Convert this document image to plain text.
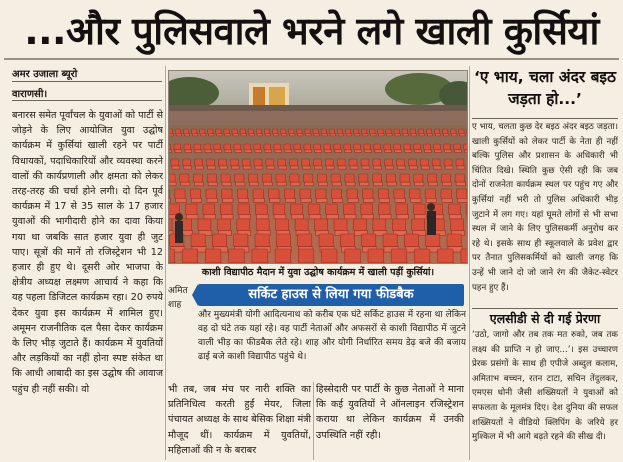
...और पुलिसवाले भरने लगे खाली कुर्सियां
अमर उजाला ब्यूरो
वाराणसी।
बनारस समेत पूर्वांचल के युवाओं को पार्टी से जोड़ने के लिए आयोजित युवा उद्घोष कार्यक्रम में कुर्सियां खाली रहने पर पार्टी विधायकों, पदाधिकारियों और व्यवस्था करने वालों की कार्यप्रणाली और क्षमता को लेकर तरह-तरह की चर्चा होने लगी। दो दिन पूर्व कार्यक्रम में 17 से 35 साल के 17 हजार युवाओं की भागीदारी होने का दावा किया गया था जबकि सात हजार युवा ही जुट पाए। सूत्रों की मानें तो रजिस्ट्रेशन भी 12 हजार ही हुए थे। दूसरी ओर भाजपा के क्षेत्रीय अध्यक्ष लक्ष्मण आचार्य ने कहा कि यह पहला डिजिटल कार्यक्रम रहा। 20 रुपये देकर युवा इस कार्यक्रम में शामिल हुए। अमूमन राजनीतिक दल पैसा देकर कार्यक्रम के लिए भीड़ जुटाते हैं। कार्यक्रम में युवतियों और लड़कियों का नहीं होना स्पष्ट संकेत था कि आधी आबादी का इस उद्घोष की आवाज पहुंच ही नहीं सकी। वो
काशी विद्यापीठ मैदान में युवा उद्घोष कार्यक्रम में खाली पड़ीं कुर्सियां।
अमित शाह
सर्किट हाउस से लिया गया फीडबैक
और मुख्यमंत्री योगी आदित्यनाथ को करीब एक घंटे सर्किट हाउस में रहना था लेकिन वह दो घंटे तक यहां रहे। वह पार्टी नेताओं और अफसरों से काशी विद्यापीठ में जुटने वाली भीड़ का फीडबैक लेते रहे। शाह और योगी निर्धारित समय डेढ़ बजे की बजाय ढाई बजे काशी विद्यापीठ पहुंचे थे।
भी तब, जब मंच पर नारी शक्ति का प्रतिनिधित्व करती हुईं मेयर, जिला पंचायत अध्यक्ष के साथ बेसिक शिक्षा मंत्री मौजूद थीं। कार्यक्रम में युवतियों, महिलाओं की न के बराबर
हिस्सेदारी पर पार्टी के कुछ नेताओं ने माना कि कई युवतियों ने ऑनलाइन रजिस्ट्रेशन कराया था लेकिन कार्यक्रम में उनकी उपस्थिति नहीं रही।
‘ए भाय, चला अंदर बइठ जड़ता हो...’
ए भाय, चलता कुछ देर बइठ अंदर बइठ जड़ता। खाली कुर्सियों को लेकर पार्टी के नेता ही नहीं बल्कि पुलिस और प्रशासन के अधिकारी भी चिंतित दिखे। स्थिति कुछ ऐसी रही कि जब दोनों राजनेता कार्यक्रम स्थल पर पहुंच गए और कुर्सियां नहीं भरी तो पुलिस अधिकारी भीड़ जुटाने में लग गए। यहां घूमते लोगों से भी सभा स्थल में जाने के लिए पुलिसकर्मी अनुरोध कर रहे थे। इसके साथ ही स्कूलवाले के प्रवेश द्वार पर तैनात पुलिसकर्मियों को खाली जगह कि उन्हें भी जाने दो जो जाने रंग की जैकेट-स्वेटर पहन हुए हैं।
एलसीडी से दी गई प्रेरणा
‘उठो, जागो और तब तक मत रुको, जब तक लक्ष्य की प्राप्ति न हो जाए...’। इस उच्चारण प्रेरक प्रसंगों के साथ ही एपीजे अब्दुल कलाम, अमिताभ बच्चन, रतन टाटा, सचिन तेंदुलकर, एमएस धोनी जैसी शख्सियतों ने युवाओं को सफलता के मूलमंत्र दिए। देश दुनिया की सफल शख्सियतों ने वीडियो क्लिपिंग के जरिये हर मुश्किल में भी आगे बढ़ते रहने की सीख दी।
